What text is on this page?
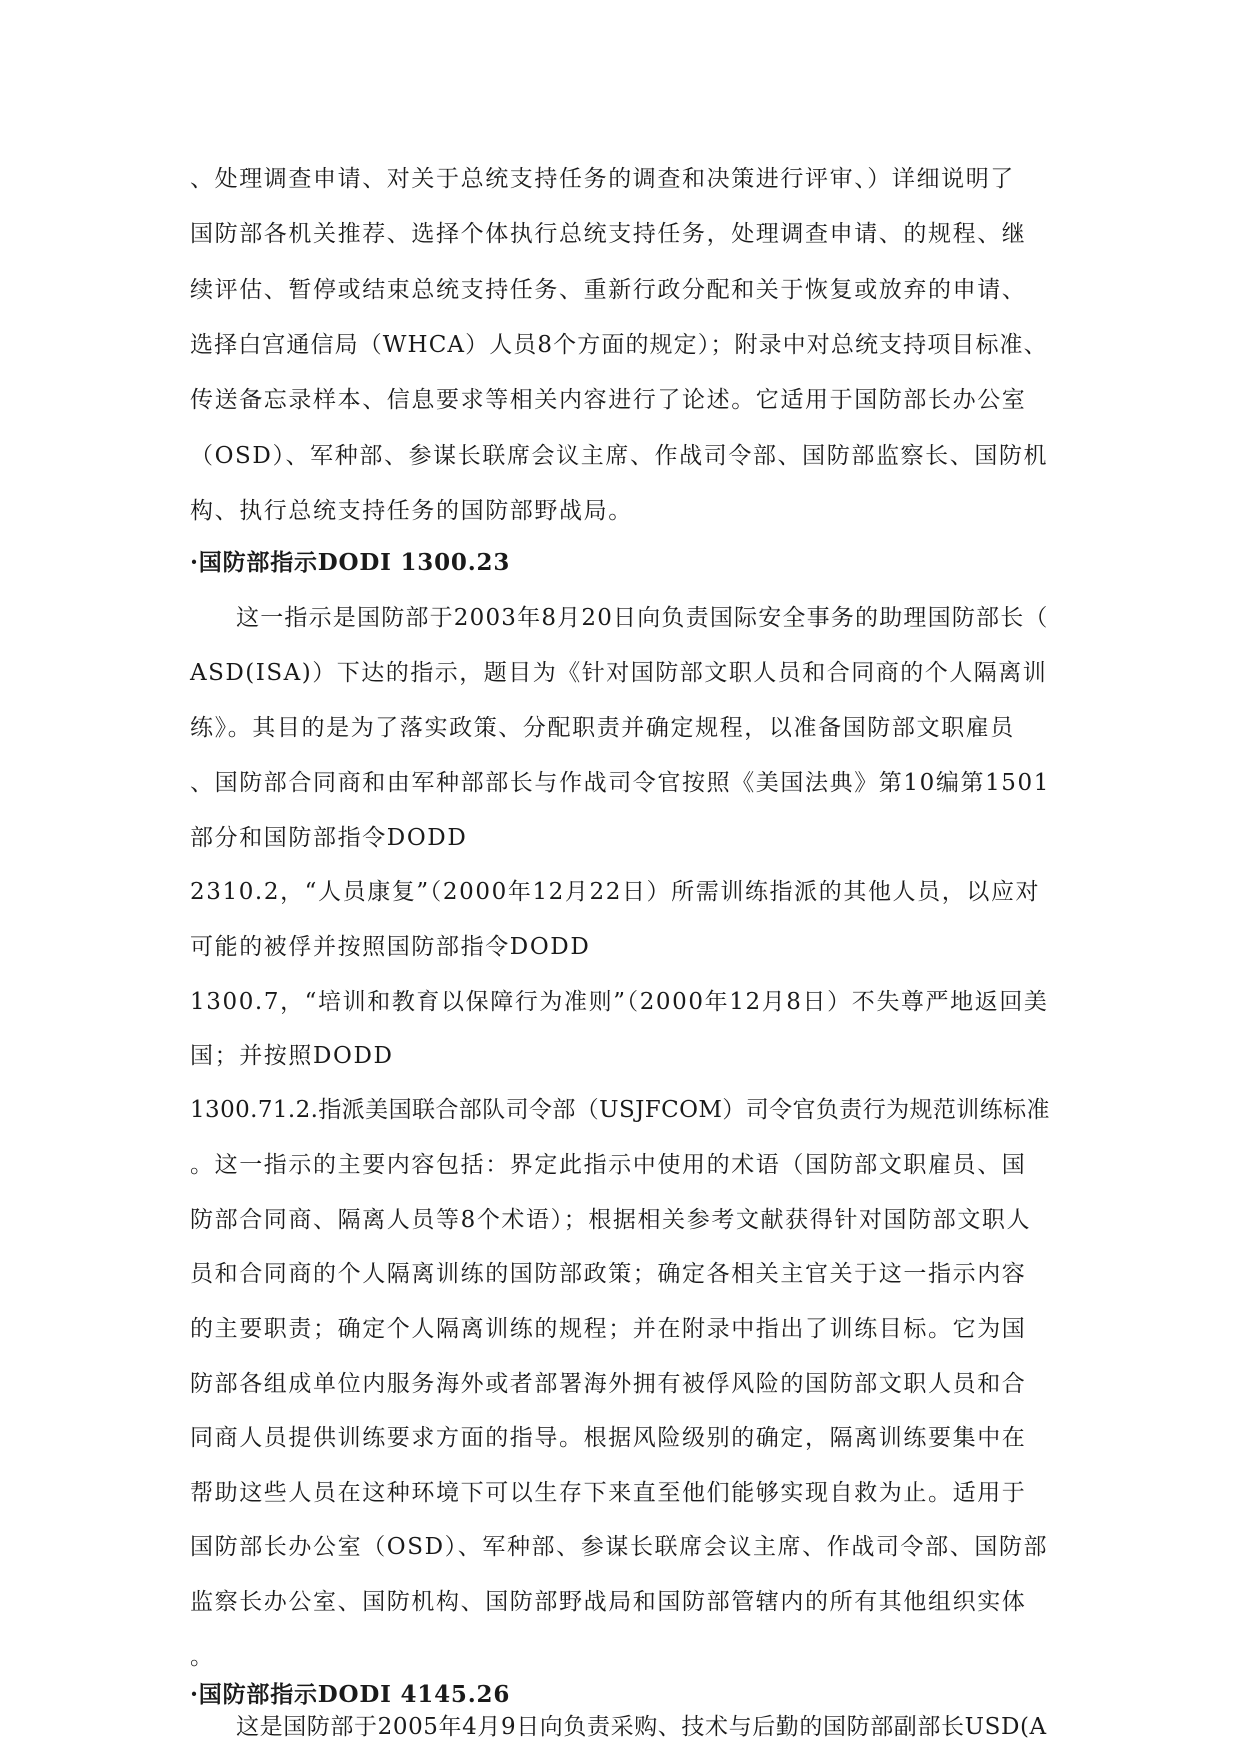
、处理调查申请、对关于总统支持任务的调查和决策进行评审、）详细说明了
国防部各机关推荐、选择个体执行总统支持任务，处理调查申请、的规程、继
续评估、暂停或结束总统支持任务、重新行政分配和关于恢复或放弃的申请、
选择白宫通信局（WHCA）人员8个方面的规定）；附录中对总统支持项目标准、
传送备忘录样本、信息要求等相关内容进行了论述。它适用于国防部长办公室
（OSD）、军种部、参谋长联席会议主席、作战司令部、国防部监察长、国防机
构、执行总统支持任务的国防部野战局。
·国防部指示DODI 1300.23
这一指示是国防部于2003年8月20日向负责国际安全事务的助理国防部长（
ASD(ISA)）下达的指示，题目为《针对国防部文职人员和合同商的个人隔离训
练》。其目的是为了落实政策、分配职责并确定规程，以准备国防部文职雇员
、国防部合同商和由军种部部长与作战司令官按照《美国法典》第10编第1501
部分和国防部指令DODD
2310.2，“人员康复”（2000年12月22日）所需训练指派的其他人员，以应对
可能的被俘并按照国防部指令DODD
1300.7，“培训和教育以保障行为准则”（2000年12月8日）不失尊严地返回美
国；并按照DODD
1300.71.2.指派美国联合部队司令部（USJFCOM）司令官负责行为规范训练标准
。这一指示的主要内容包括：界定此指示中使用的术语（国防部文职雇员、国
防部合同商、隔离人员等8个术语）；根据相关参考文献获得针对国防部文职人
员和合同商的个人隔离训练的国防部政策；确定各相关主官关于这一指示内容
的主要职责；确定个人隔离训练的规程；并在附录中指出了训练目标。它为国
防部各组成单位内服务海外或者部署海外拥有被俘风险的国防部文职人员和合
同商人员提供训练要求方面的指导。根据风险级别的确定，隔离训练要集中在
帮助这些人员在这种环境下可以生存下来直至他们能够实现自救为止。适用于
国防部长办公室（OSD）、军种部、参谋长联席会议主席、作战司令部、国防部
监察长办公室、国防机构、国防部野战局和国防部管辖内的所有其他组织实体
。
·国防部指示DODI 4145.26
这是国防部于2005年4月9日向负责采购、技术与后勤的国防部副部长USD(A
